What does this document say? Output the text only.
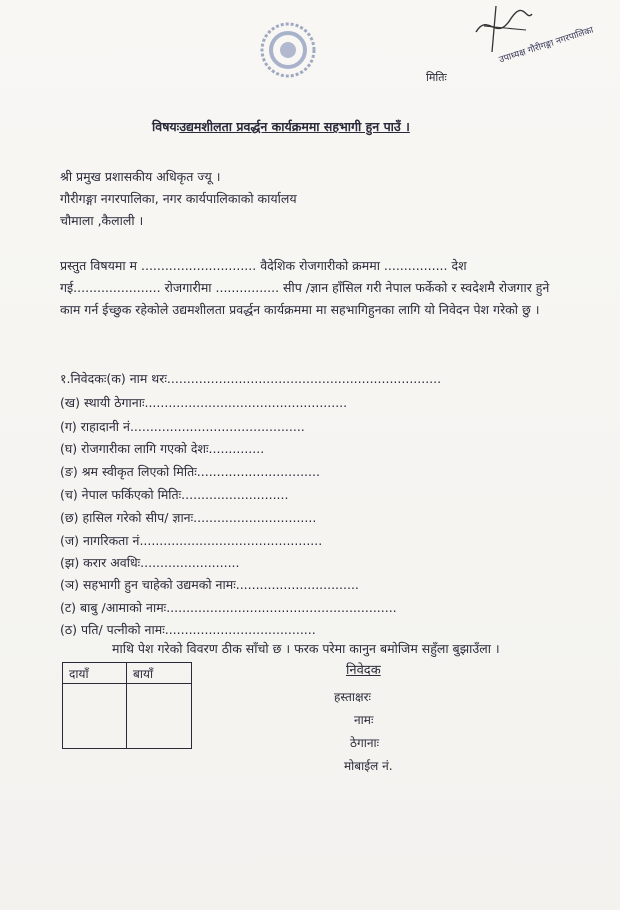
उपाध्यक्ष गौरीगङ्गा नगरपालिका
मितिः
विषयःउद्यमशीलता प्रवर्द्धन कार्यक्रममा सहभागी हुन पाउँ ।
श्री प्रमुख प्रशासकीय अधिकृत ज्यू ।
गौरीगङ्गा नगरपालिका, नगर कार्यपालिकाको कार्यालय
चौमाला ,कैलाली ।
प्रस्तुत विषयमा म ............................. वैदेशिक रोजगारीको क्रममा ................ देश गई...................... रोजगारीमा ................ सीप /ज्ञान हाँसिल गरी नेपाल फर्केको र स्वदेशमै रोजगार हुने काम गर्न ईच्छुक रहेकोले उद्यमशीलता प्रवर्द्धन कार्यक्रममा मा सहभागिहुनका लागि यो निवेदन पेश गरेको छु ।
१.निवेदकः(क) नाम थरः.....................................................................
(ख) स्थायी ठेगानाः...................................................
(ग) राहादानी नं............................................
(घ) रोजगारीका लागि गएको देशः..............
(ङ) श्रम स्वीकृत लिएको मितिः...............................
(च) नेपाल फर्किएको मितिः...........................
(छ) हासिल गरेको सीप/ ज्ञानः...............................
(ज) नागरिकता नं..............................................
(झ) करार अवधिः.........................
(ञ) सहभागी हुन चाहेको उद्यमको नामः...............................
(ट) बाबु /आमाको नामः..........................................................
(ठ) पति/ पत्नीको नामः......................................
माथि पेश गरेको विवरण ठीक साँचो छ । फरक परेमा कानुन बमोजिम सहुँला बुझाउँला ।
दायाँ	बायाँ
		निवेदक
हस्ताक्षरः
नामः
ठेगानाः
मोबाईल नं.
